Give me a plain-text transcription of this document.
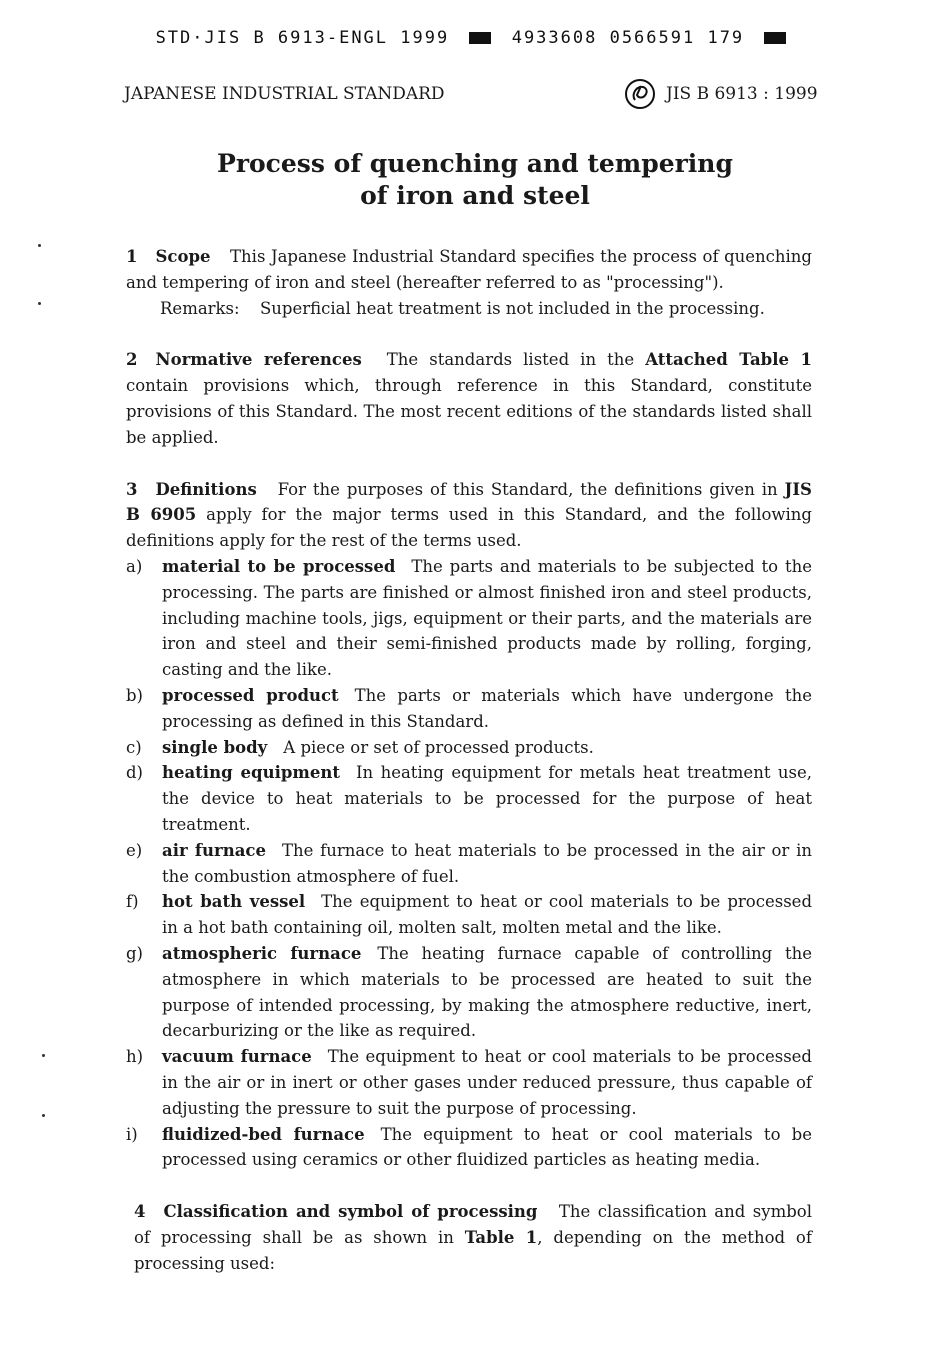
STD·JIS B 6913-ENGL 1999	4933608 0566591 179
JAPANESE INDUSTRIAL STANDARD	JIS B 6913 : 1999
Process of quenching and tempering
of iron and steel

1 Scope This Japanese Industrial Standard specifies the process of quenching and tempering of iron and steel (hereafter referred to as "processing").

Remarks: Superficial heat treatment is not included in the processing.

2 Normative references The standards listed in the Attached Table 1 contain provisions which, through reference in this Standard, constitute provisions of this Standard. The most recent editions of the standards listed shall be applied.

3 Definitions For the purposes of this Standard, the definitions given in JIS B 6905 apply for the major terms used in this Standard, and the following definitions apply for the rest of the terms used.

a) material to be processed The parts and materials to be subjected to the processing. The parts are finished or almost finished iron and steel products, including machine tools, jigs, equipment or their parts, and the materials are iron and steel and their semi-finished products made by rolling, forging, casting and the like.
b) processed product The parts or materials which have undergone the processing as defined in this Standard.
c) single body A piece or set of processed products.
d) heating equipment In heating equipment for metals heat treatment use, the device to heat materials to be processed for the purpose of heat treatment.
e) air furnace The furnace to heat materials to be processed in the air or in the combustion atmosphere of fuel.
f) hot bath vessel The equipment to heat or cool materials to be processed in a hot bath containing oil, molten salt, molten metal and the like.
g) atmospheric furnace The heating furnace capable of controlling the atmosphere in which materials to be processed are heated to suit the purpose of intended processing, by making the atmosphere reductive, inert, decarburizing or the like as required.
h) vacuum furnace The equipment to heat or cool materials to be processed in the air or in inert or other gases under reduced pressure, thus capable of adjusting the pressure to suit the purpose of processing.
i) fluidized-bed furnace The equipment to heat or cool materials to be processed using ceramics or other fluidized particles as heating media.

4 Classification and symbol of processing The classification and symbol of processing shall be as shown in Table 1, depending on the method of processing used:
